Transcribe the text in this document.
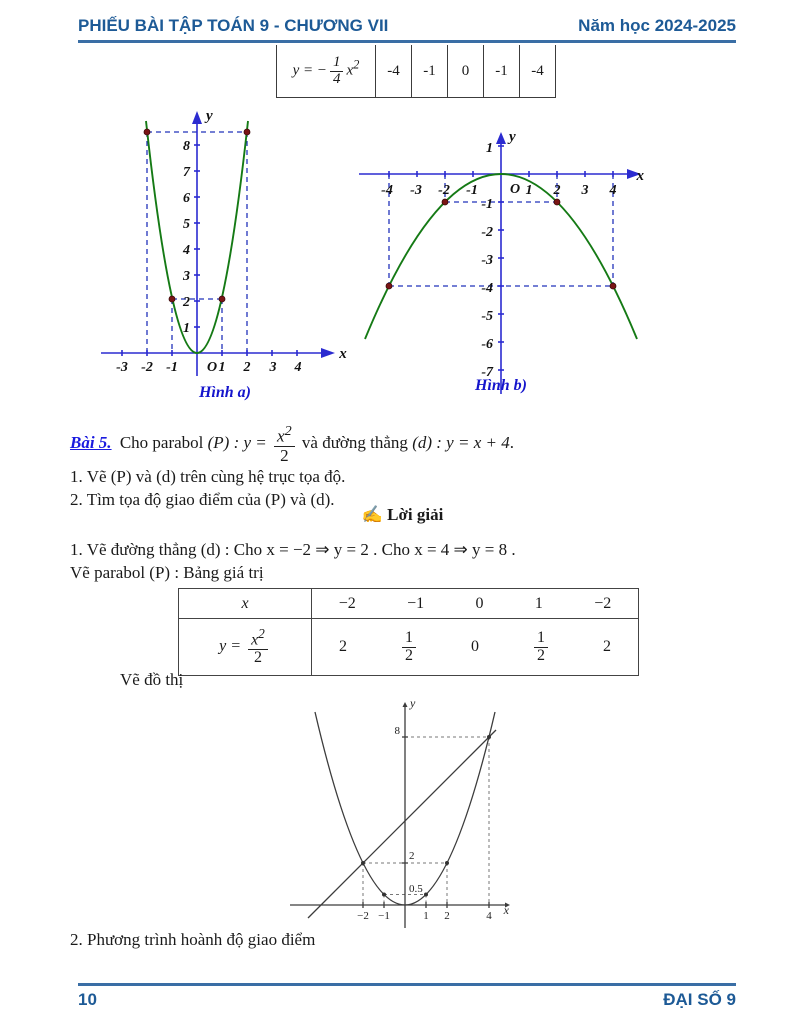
PHIẾU BÀI TẬP TOÁN 9 - CHƯƠNG VII	Năm học 2024-2025
y = − $\frac{1}{4} x^2$	-4	-1	0	-1	-4
x
y
O
-3 -2 -1	1 2 3 4
1
2
3
4
5
6
7
8
Hình a)
x
y
O
-4 -3 -2 -1	1 2 3 4
1
-1
-2
-3
-4
-5
-6
-7
Hình b)
Bài 5. Cho parabol (P) : $y = \frac{x^2}{2}$ và đường thẳng (d) : y = x + 4.
1. Vẽ (P) và (d) trên cùng hệ trục tọa độ.
2. Tìm tọa độ giao điểm của (P) và (d).
✍ Lời giải
1. Vẽ đường thẳng (d) : Cho x = −2 ⇒ y = 2 . Cho x = 4 ⇒ y = 8 .
Vẽ parabol (P) : Bảng giá trị
x	−2 −1 0 1 −2

$y = \frac{x^2}{2}$	2	$\frac{1}{2}$	0	$\frac{1}{2}$	2
Vẽ đồ thị
x
y
−2 −1	1 2	4
8
2
0.5
2. Phương trình hoành độ giao điểm
10	ĐẠI SỐ 9
